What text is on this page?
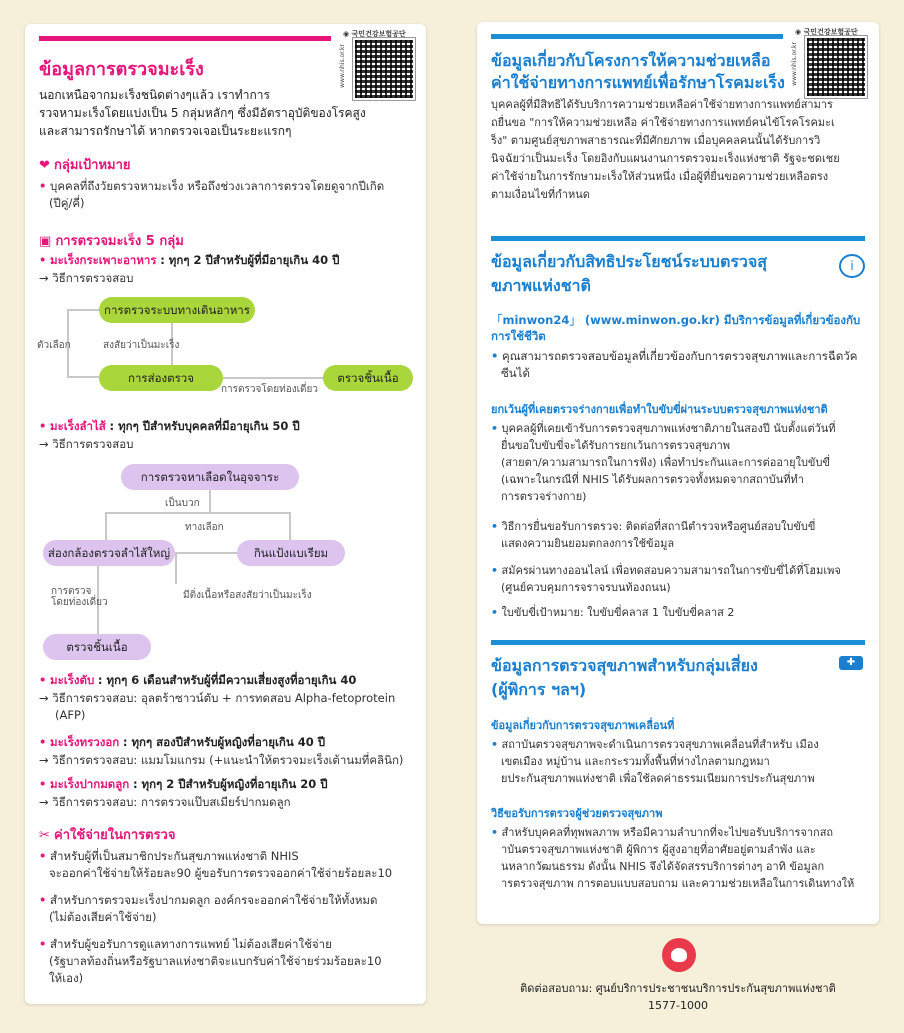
◉ 국민건강보험공단
www.nhis.or.kr
ข้อมูลการตรวจมะเร็ง
นอกเหนือจากมะเร็งชนิดต่างๆแล้ว เราทำการ
รวจหามะเร็งโดยแบ่งเป็น 5 กลุ่มหลักๆ ซึ่งมีอัตราอุบัติของโรคสูง
และสามารถรักษาได้ หากตรวจเจอเป็นระยะแรกๆ
❤ กลุ่มเป้าหมาย
• บุคคลที่ถึงวัยตรวจหามะเร็ง หรือถึงช่วงเวลาการตรวจโดยดูจากปีเกิด
(ปีคู่/คี่)
▣ การตรวจมะเร็ง 5 กลุ่ม
• มะเร็งกระเพาะอาหาร : ทุกๆ 2 ปีสำหรับผู้ที่มีอายุเกิน 40 ปี
→ วิธีการตรวจสอบ
การตรวจระบบทางเดินอาหาร
ตัวเลือก	สงสัยว่าเป็นมะเร็ง
การส่องตรวจ
การตรวจโดยท่องเดี่ยว
ตรวจชิ้นเนื้อ
• มะเร็งลำไส้ : ทุกๆ ปีสำหรับบุคคลที่มีอายุเกิน 50 ปี
→ วิธีการตรวจสอบ
การตรวจหาเลือดในอุจจาระ
เป็นบวก
ทางเลือก
ส่องกล้องตรวจลำไส้ใหญ่	กินแป้งแบเรียม
การตรวจ
โดยท่องเดี่ยว
มีติ่งเนื้อหรือสงสัยว่าเป็นมะเร็ง
ตรวจชิ้นเนื้อ
• มะเร็งตับ : ทุกๆ 6 เดือนสำหรับผู้ที่มีความเสี่ยงสูงที่อายุเกิน 40
→ วิธีการตรวจสอบ: อุลตร้าซาวน์ตับ + การทดสอบ Alpha-fetoprotein
(AFP)
• มะเร็งทรวงอก : ทุกๆ สองปีสำหรับผู้หญิงที่อายุเกิน 40 ปี
→ วิธีการตรวจสอบ: แมมโมแกรม (+แนะนำให้ตรวจมะเร็งเต้านมที่คลินิก)
• มะเร็งปากมดลูก : ทุกๆ 2 ปีสำหรับผู้หญิงที่อายุเกิน 20 ปี
→ วิธีการตรวจสอบ: การตรวจแป๊บสเมียร์ปากมดลูก
✂ ค่าใช้จ่ายในการตรวจ
• สำหรับผู้ที่เป็นสมาชิกประกันสุขภาพแห่งชาติ NHIS
จะออกค่าใช้จ่ายให้ร้อยละ90 ผู้ขอรับการตรวจออกค่าใช้จ่ายร้อยละ10
• สำหรับการตรวจมะเร็งปากมดลูก องค์กรจะออกค่าใช้จ่ายให้ทั้งหมด
(ไม่ต้องเสียค่าใช้จ่าย)
• สำหรับผู้ขอรับการดูแลทางการแพทย์ ไม่ต้องเสียค่าใช้จ่าย
(รัฐบาลท้องถิ่นหรือรัฐบาลแห่งชาติจะแบกรับค่าใช้จ่ายร่วมร้อยละ10
ให้เอง)
◉ 국민건강보험공단
www.nhis.or.kr
ข้อมูลเกี่ยวกับโครงการให้ความช่วยเหลือ
ค่าใช้จ่ายทางการแพทย์เพื่อรักษาโรคมะเร็ง
บุคคลผู้ที่มีสิทธิได้รับบริการความช่วยเหลือค่าใช้จ่ายทางการแพทย์สามาร
ถยื่นขอ "การให้ความช่วยเหลือ ค่าใช้จ่ายทางการแพทย์คนไข้โรคโรคมะเ
ร็ง" ตามศูนย์สุขภาพสาธารณะที่มีศักยภาพ เมื่อบุคคลคนนั้นได้รับการวิ
นิจฉัยว่าเป็นมะเร็ง โดยอิงกับแผนงานการตรวจมะเร็งแห่งชาติ รัฐจะชดเชย
ค่าใช้จ่ายในการรักษามะเร็งให้ส่วนหนึ่ง เมื่อผู้ที่ยื่นขอความช่วยเหลือตรง
ตามเงื่อนไขที่กำหนด
ข้อมูลเกี่ยวกับสิทธิประโยชน์ระบบตรวจสุ
ขภาพแห่งชาติ
i
「minwon24」 (www.minwon.go.kr) มีบริการข้อมูลที่เกี่ยวข้องกับ
การใช้ชีวิต
• คุณสามารถตรวจสอบข้อมูลที่เกี่ยวข้องกับการตรวจสุขภาพและการฉีดวัค
ซีนได้
ยกเว้นผู้ที่เคยตรวจร่างกายเพื่อทำใบขับขี่ผ่านระบบตรวจสุขภาพแห่งชาติ
• บุคคลผู้ที่เคยเข้ารับการตรวจสุขภาพแห่งชาติภายในสองปี นับตั้งแต่วันที่
ยื่นขอใบขับขี่จะได้รับการยกเว้นการตรวจสุขภาพ
(สายตา/ความสามารถในการฟัง) เพื่อทำประกันและการต่ออายุใบขับขี่
(เฉพาะในกรณีที่ NHIS ได้รับผลการตรวจทั้งหมดจากสถาบันที่ทำ
การตรวจร่างกาย)
• วิธีการยื่นขอรับการตรวจ: ติดต่อที่สถานีตำรวจหรือศูนย์สอบใบขับขี่
แสดงความยินยอมตกลงการใช้ข้อมูล
• สมัครผ่านทางออนไลน์ เพื่อทดสอบความสามารถในการขับขี่ได้ที่โฮมเพจ
(ศูนย์ควบคุมการจราจรบนท้องถนน)
• ใบขับขี่เป้าหมาย: ใบขับขี่คลาส 1 ใบขับขี่คลาส 2
ข้อมูลการตรวจสุขภาพสำหรับกลุ่มเสี่ยง
(ผู้พิการ ฯลฯ)
✚
ข้อมูลเกี่ยวกับการตรวจสุขภาพเคลื่อนที่
• สถาบันตรวจสุขภาพจะดำเนินการตรวจสุขภาพเคลื่อนที่สำหรับ เมือง
เขตเมือง หมู่บ้าน และกระรวมทั้งพื้นที่ห่างไกลตามกฎหมา
ยประกันสุขภาพแห่งชาติ เพื่อใช้ลดค่าธรรมเนียมการประกันสุขภาพ
วิธีขอรับการตรวจผู้ช่วยตรวจสุขภาพ
• สำหรับบุคคลที่ทุพพลภาพ หรือมีความลำบากที่จะไปขอรับบริการจากสถ
าบันตรวจสุขภาพแห่งชาติ ผู้พิการ ผู้สูงอายุที่อาศัยอยู่ตามลำพัง และ
นหลากวัฒนธรรม ดังนั้น NHIS จึงได้จัดสรรบริการต่างๆ อาทิ ข้อมูลก
ารตรวจสุขภาพ การตอบแบบสอบถาม และความช่วยเหลือในการเดินทางให้
ติดต่อสอบถาม: ศูนย์บริการประชาชนบริการประกันสุขภาพแห่งชาติ
1577-1000
